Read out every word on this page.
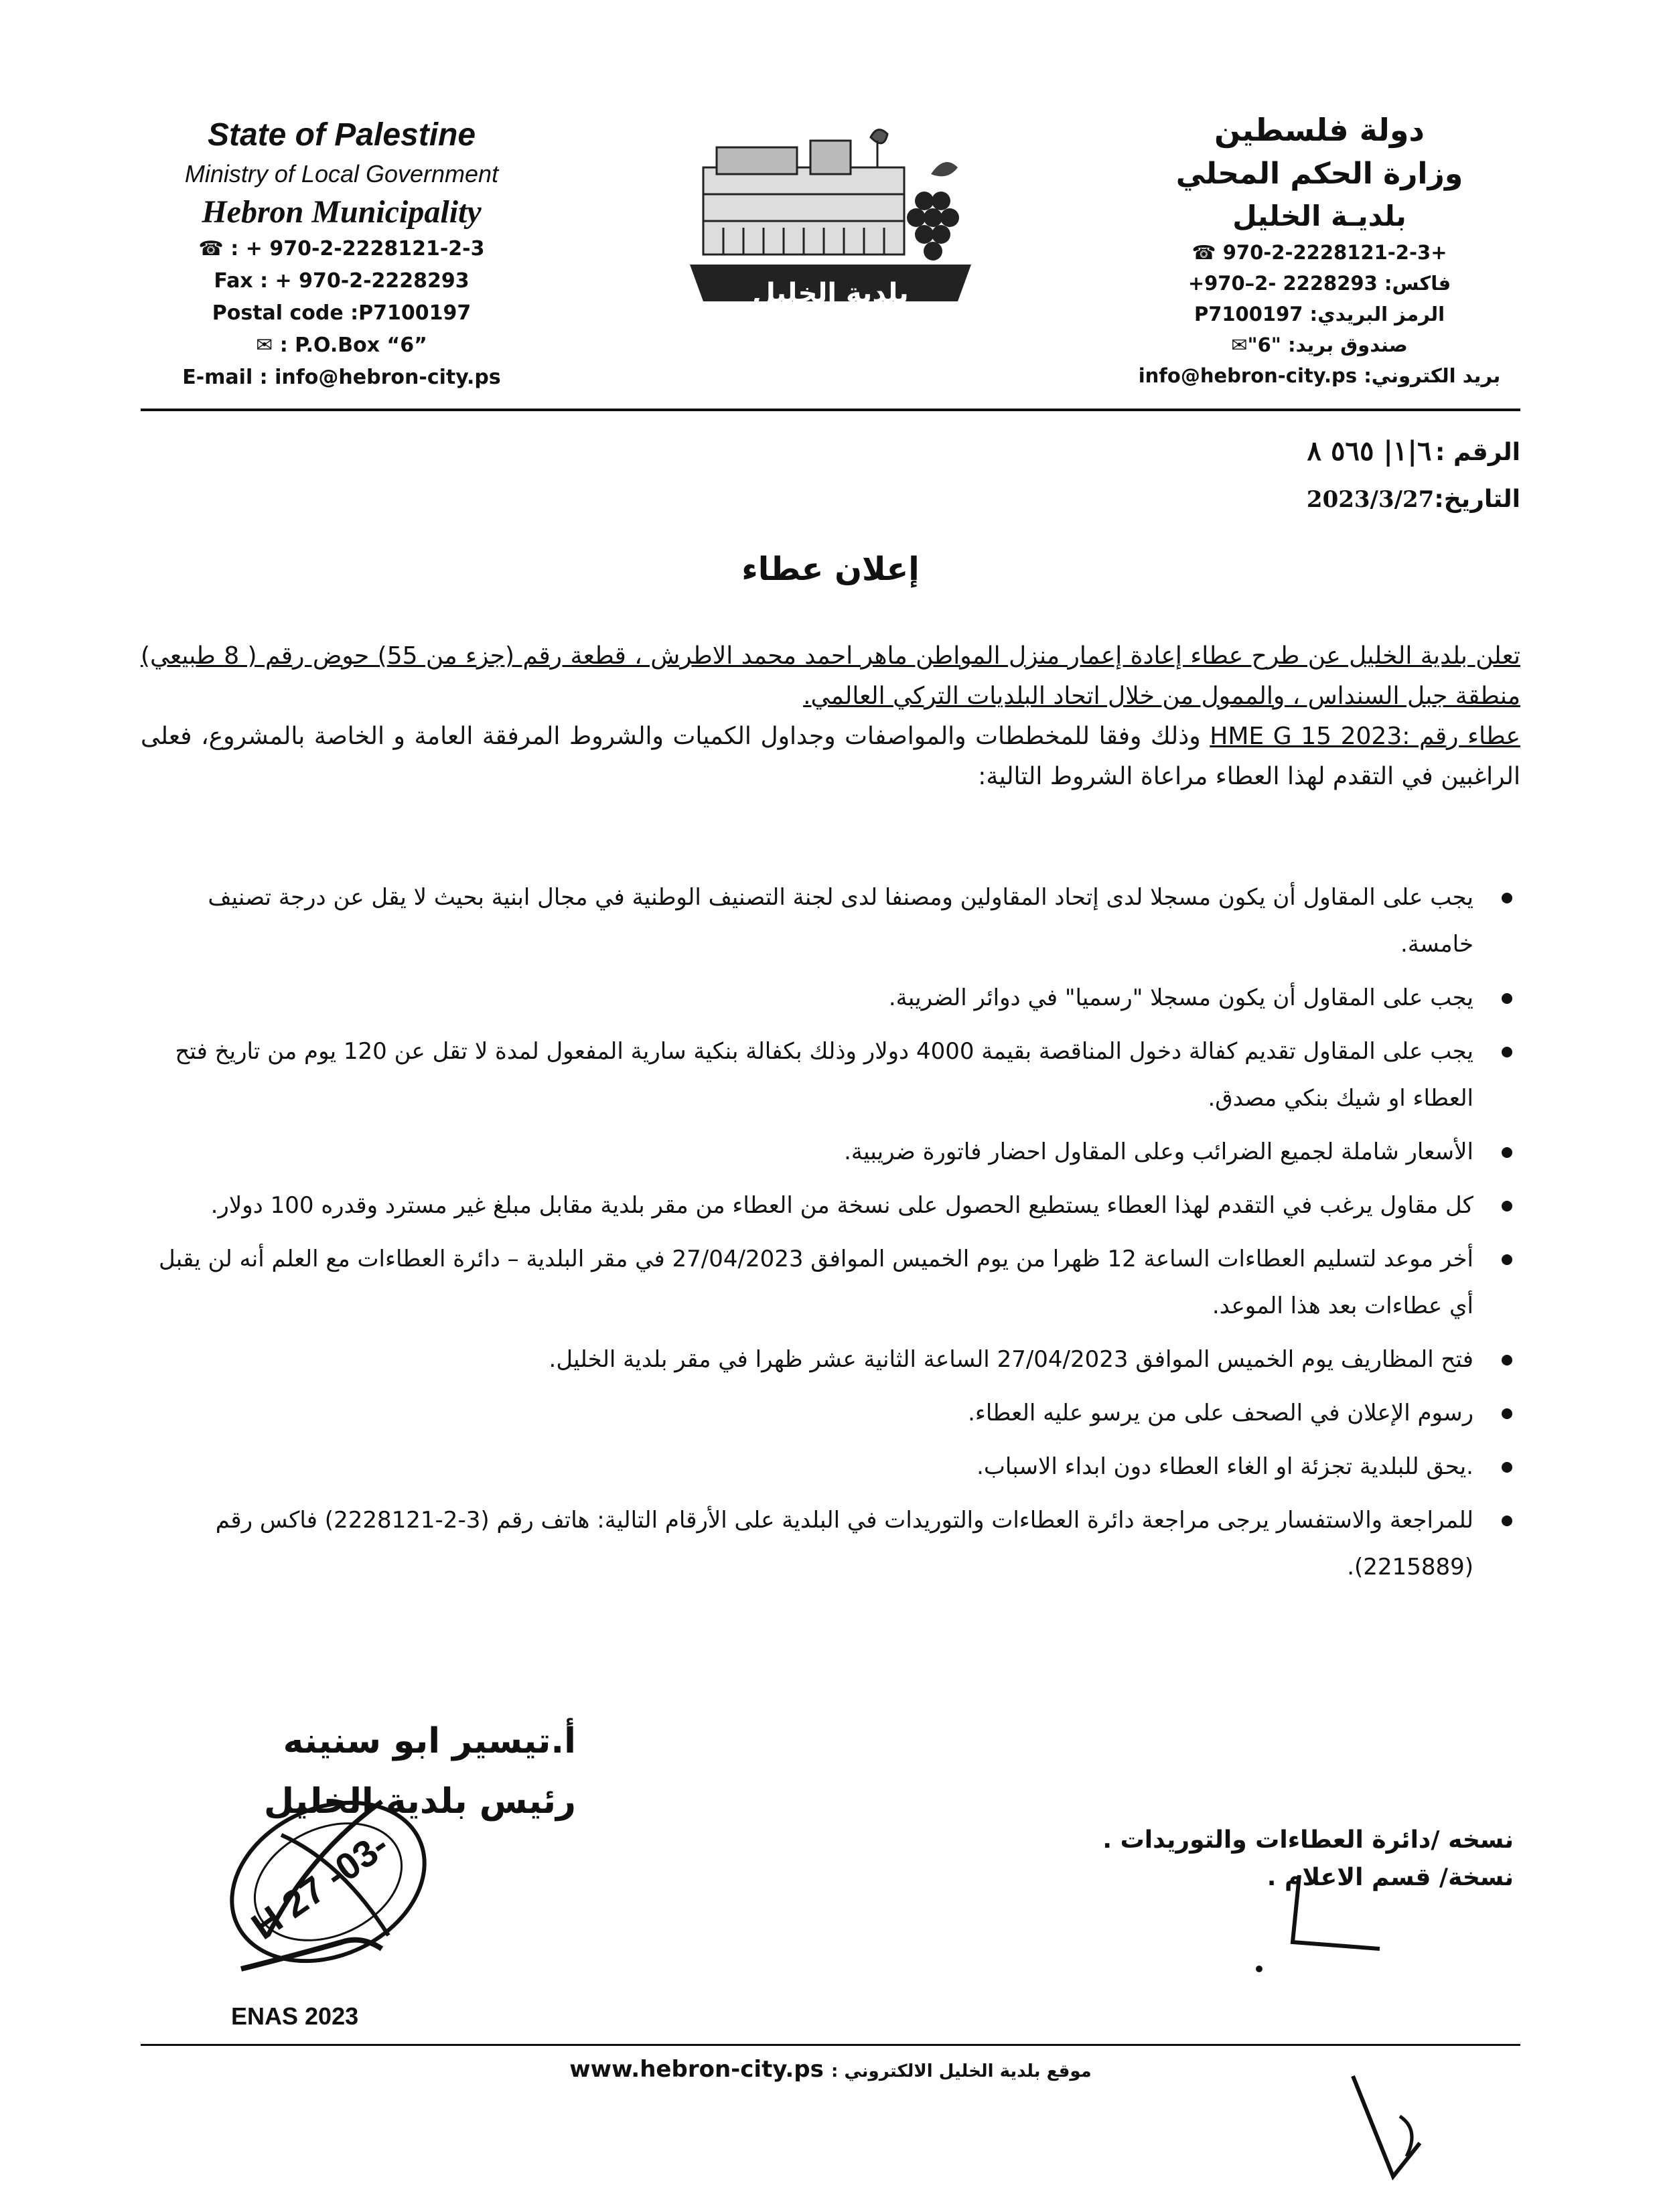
State of Palestine
Ministry of Local Government
Hebron Municipality
☎ : + 970-2-2228121-2-3
Fax : + 970-2-2228293
Postal code :P7100197
✉ : P.O.Box “6”
E-mail : info@hebron-city.ps
بلدية الخليل
دولة فلسطين
وزارة الحكم المحلي
بلديـة الخليل
+970-2-2228121-2-3 ☎
فاكس: 2228293 -2–970+
الرمز البريدي: P7100197
صندوق بريد: "6"✉
بريد الكتروني: info@hebron-city.ps
الرقم : ٦|١| ٥٦٥ ٨
التاريخ:2023/3/27
إعلان عطاء

تعلن بلدية الخليل عن طرح عطاء إعادة إعمار منزل المواطن ماهر احمد محمد الاطرش ، قطعة رقم (جزء من 55) حوض رقم ( 8 طبيعي) منطقة جبل السنداس ، والممول من خلال اتحاد البلديات التركي العالمي.

عطاء رقم :HME G 15 2023 وذلك وفقا للمخططات والمواصفات وجداول الكميات والشروط المرفقة العامة و الخاصة بالمشروع، فعلى الراغبين في التقدم لهذا العطاء مراعاة الشروط التالية:

يجب على المقاول أن يكون مسجلا لدى إتحاد المقاولين ومصنفا لدى لجنة التصنيف الوطنية في مجال ابنية بحيث لا يقل عن درجة تصنيف خامسة.
يجب على المقاول أن يكون مسجلا "رسميا" في دوائر الضريبة.
يجب على المقاول تقديم كفالة دخول المناقصة بقيمة 4000 دولار وذلك بكفالة بنكية سارية المفعول لمدة لا تقل عن 120 يوم من تاريخ فتح العطاء او شيك بنكي مصدق.
الأسعار شاملة لجميع الضرائب وعلى المقاول احضار فاتورة ضريبية.
كل مقاول يرغب في التقدم لهذا العطاء يستطيع الحصول على نسخة من العطاء من مقر بلدية مقابل مبلغ غير مسترد وقدره 100 دولار.
أخر موعد لتسليم العطاءات الساعة 12 ظهرا من يوم الخميس الموافق 27/04/2023 في مقر البلدية – دائرة العطاءات مع العلم أنه لن يقبل أي عطاءات بعد هذا الموعد.
فتح المظاريف يوم الخميس الموافق 27/04/2023 الساعة الثانية عشر ظهرا في مقر بلدية الخليل.
رسوم الإعلان في الصحف على من يرسو عليه العطاء.
.يحق للبلدية تجزئة او الغاء العطاء دون ابداء الاسباب.
للمراجعة والاستفسار يرجى مراجعة دائرة العطاءات والتوريدات في البلدية على الأرقام التالية: هاتف رقم (3-2-2228121) فاكس رقم (2215889).
أ.تيسير ابو سنينه
رئيس بلدية الخليل
H 27 -03-
ENAS 2023
نسخه /دائرة العطاءات والتوريدات .
نسخة/ قسم الاعلام .
موقع بلدية الخليل الالكتروني : www.hebron-city.ps
